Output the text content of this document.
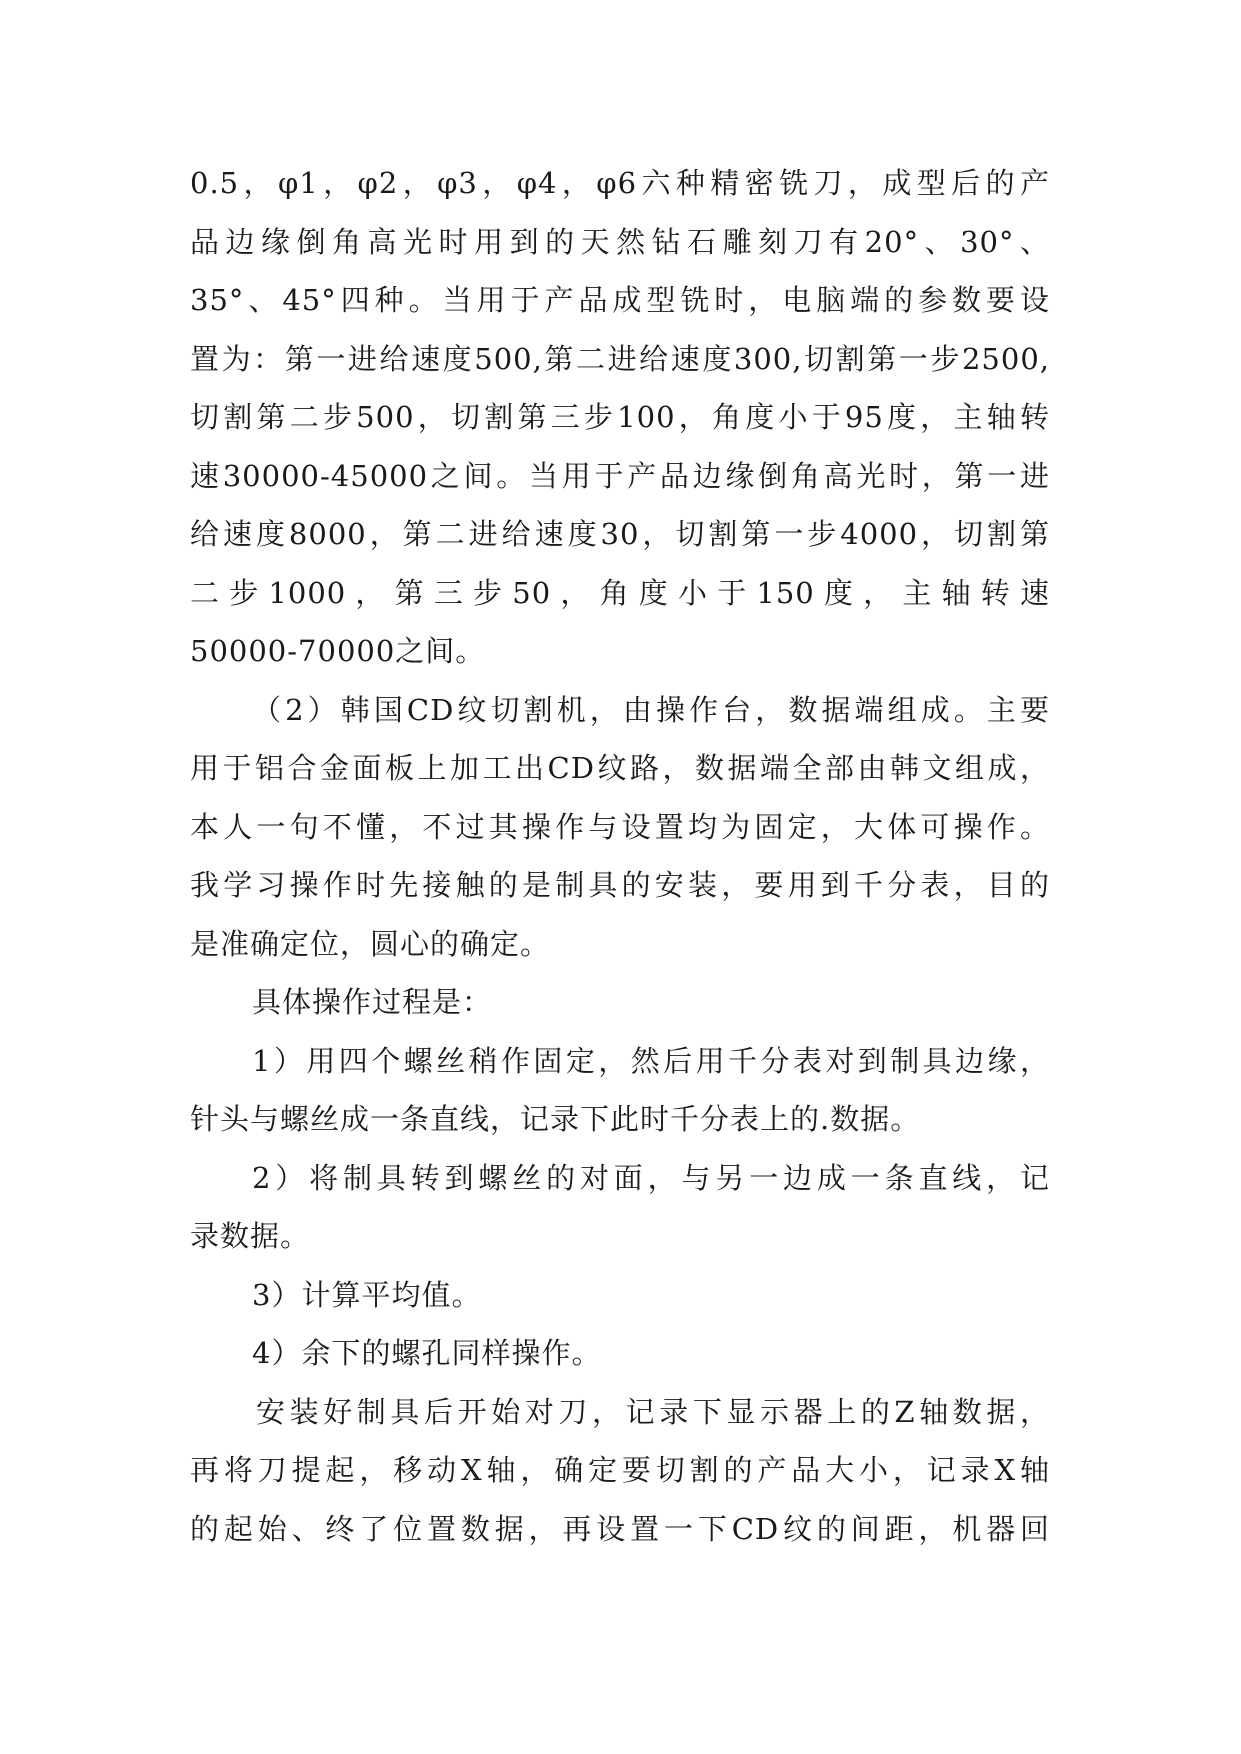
0.5，φ1，φ2，φ3，φ4，φ6六种精密铣刀，成型后的产
品边缘倒角高光时用到的天然钻石雕刻刀有20°、30°、
35°、45°四种。当用于产品成型铣时，电脑端的参数要设
置为：第一进给速度500,第二进给速度300,切割第一步2500,
切割第二步500，切割第三步100，角度小于95度，主轴转
速30000-45000之间。当用于产品边缘倒角高光时，第一进
给速度8000，第二进给速度30，切割第一步4000，切割第
二步1000，第三步50，角度小于150度，主轴转速
50000-70000之间。
（2）韩国CD纹切割机，由操作台，数据端组成。主要
用于铝合金面板上加工出CD纹路，数据端全部由韩文组成，
本人一句不懂，不过其操作与设置均为固定，大体可操作。
我学习操作时先接触的是制具的安装，要用到千分表，目的
是准确定位，圆心的确定。
具体操作过程是：
1）用四个螺丝稍作固定，然后用千分表对到制具边缘，
针头与螺丝成一条直线，记录下此时千分表上的.数据。
2）将制具转到螺丝的对面，与另一边成一条直线，记
录数据。
3）计算平均值。
4）余下的螺孔同样操作。
安装好制具后开始对刀，记录下显示器上的Z轴数据，
再将刀提起，移动X轴，确定要切割的产品大小，记录X轴
的起始、终了位置数据，再设置一下CD纹的间距，机器回
